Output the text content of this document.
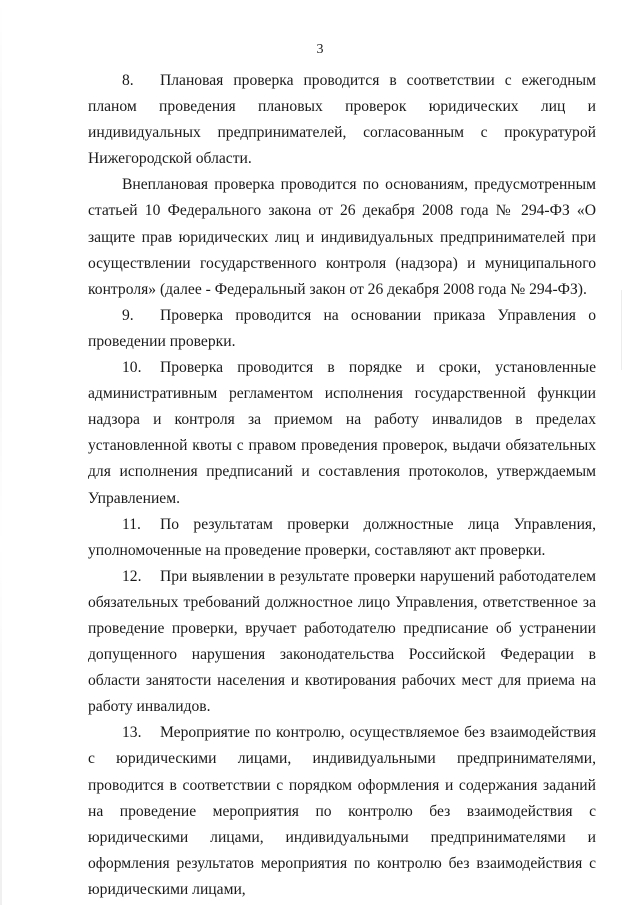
3

8. Плановая проверка проводится в соответствии с ежегодным планом проведения плановых проверок юридических лиц и индивидуальных предпринимателей, согласованным с прокуратурой Нижегородской области.

Внеплановая проверка проводится по основаниям, предусмотренным статьей 10 Федерального закона от 26 декабря 2008 года № 294-ФЗ «О защите прав юридических лиц и индивидуальных предпринимателей при осуществлении государственного контроля (надзора) и муниципального контроля» (далее - Федеральный закон от 26 декабря 2008 года № 294-ФЗ).

9. Проверка проводится на основании приказа Управления о проведении проверки.

10. Проверка проводится в порядке и сроки, установленные административным регламентом исполнения государственной функции надзора и контроля за приемом на работу инвалидов в пределах установленной квоты с правом проведения проверок, выдачи обязательных для исполнения предписаний и составления протоколов, утверждаемым Управлением.

11. По результатам проверки должностные лица Управления, уполномоченные на проведение проверки, составляют акт проверки.

12. При выявлении в результате проверки нарушений работодателем обязательных требований должностное лицо Управления, ответственное за проведение проверки, вручает работодателю предписание об устранении допущенного нарушения законодательства Российской Федерации в области занятости населения и квотирования рабочих мест для приема на работу инвалидов.

13. Мероприятие по контролю, осуществляемое без взаимодействия с юридическими лицами, индивидуальными предпринимателями, проводится в соответствии с порядком оформления и содержания заданий на проведение мероприятия по контролю без взаимодействия с юридическими лицами, индивидуальными предпринимателями и оформления результатов мероприятия по контролю без взаимодействия с юридическими лицами,
